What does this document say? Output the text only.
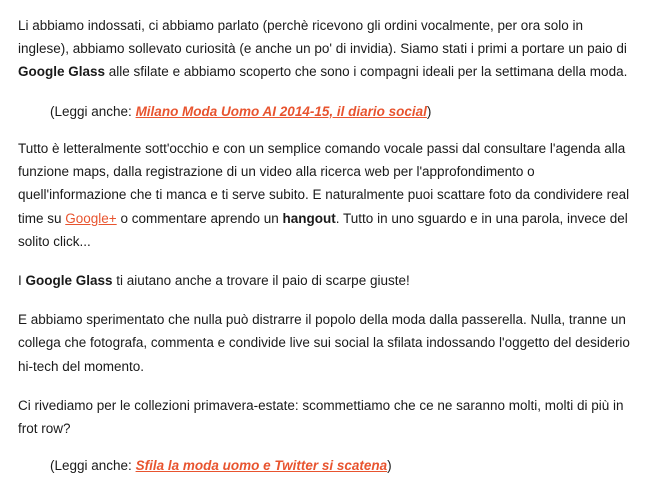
Li abbiamo indossati, ci abbiamo parlato (perchè ricevono gli ordini vocalmente, per ora solo in inglese), abbiamo sollevato curiosità (e anche un po' di invidia). Siamo stati i primi a portare un paio di Google Glass alle sfilate e abbiamo scoperto che sono i compagni ideali per la settimana della moda.

(Leggi anche: Milano Moda Uomo AI 2014-15, il diario social)

Tutto è letteralmente sott'occhio e con un semplice comando vocale passi dal consultare l'agenda alla funzione maps, dalla registrazione di un video alla ricerca web per l'approfondimento o quell'informazione che ti manca e ti serve subito. E naturalmente puoi scattare foto da condividere real time su Google+ o commentare aprendo un hangout. Tutto in uno sguardo e in una parola, invece del solito click...

I Google Glass ti aiutano anche a trovare il paio di scarpe giuste!

E abbiamo sperimentato che nulla può distrarre il popolo della moda dalla passerella. Nulla, tranne un collega che fotografa, commenta e condivide live sui social la sfilata indossando l'oggetto del desiderio hi-tech del momento.

Ci rivediamo per le collezioni primavera-estate: scommettiamo che ce ne saranno molti, molti di più in frot row?

(Leggi anche: Sfila la moda uomo e Twitter si scatena)
